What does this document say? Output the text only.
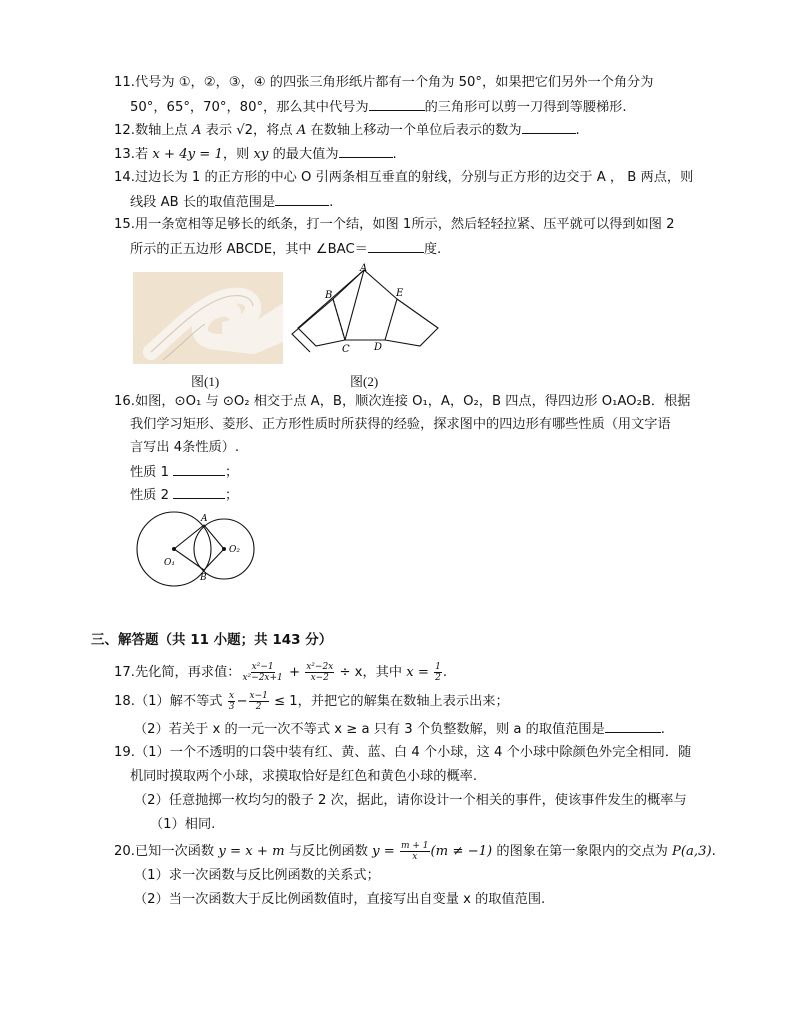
11.代号为 ①，②，③，④ 的四张三角形纸片都有一个角为 50°，如果把它们另外一个角分为
50°，65°，70°，80°，那么其中代号为	的三角形可以剪一刀得到等腰梯形.
12.数轴上点 A 表示 √2，将点 A 在数轴上移动一个单位后表示的数为	.
13.若 x + 4y = 1，则 xy 的最大值为	.
14.过边长为 1 的正方形的中心 O 引两条相互垂直的射线，分别与正方形的边交于 A ， B 两点，则
线段 AB 长的取值范围是	.
15.用一条宽相等足够长的纸条，打一个结，如图 1所示，然后轻轻拉紧、压平就可以得到如图 2
所示的正五边形 ABCDE，其中 ∠BAC＝	度.
图(1)
A
B
C D
E
图(2)
16.如图，⊙O₁ 与 ⊙O₂ 相交于点 A，B，顺次连接 O₁，A，O₂，B 四点，得四边形 O₁AO₂B．根据
我们学习矩形、菱形、正方形性质时所获得的经验，探求图中的四边形有哪些性质（用文字语
言写出 4条性质）.
性质 1	；
性质 2	；
A
B
O₁
O₂
三、解答题（共 11 小题；共 143 分）
17.先化简，再求值： $\frac{\text{x²−1}}{\text{x²−2x+1}} + \frac{\text{x²−2x}}{x-2} \div x$，其中 $x = \frac{1}{2}$ .
18.（1）解不等式 $\frac{x}{3} - \frac{x-1}{2} \le 1$，并把它的解集在数轴上表示出来；
（2）若关于 x 的一元一次不等式 x ≥ a 只有 3 个负整数解，则 a 的取值范围是	.
19.（1）一个不透明的口袋中装有红、黄、蓝、白 4 个小球，这 4 个小球中除颜色外完全相同．随
机同时摸取两个小球，求摸取恰好是红色和黄色小球的概率.
（2）任意抛掷一枚均匀的骰子 2 次，据此，请你设计一个相关的事件，使该事件发生的概率与
（1）相同.
20.已知一次函数 y = x + m 与反比例函数 $y = \frac{m + 1}{x} (m \ne -1)$ 的图象在第一象限内的交点为 P(a,3).
（1）求一次函数与反比例函数的关系式；
（2）当一次函数大于反比例函数值时，直接写出自变量 x 的取值范围.
